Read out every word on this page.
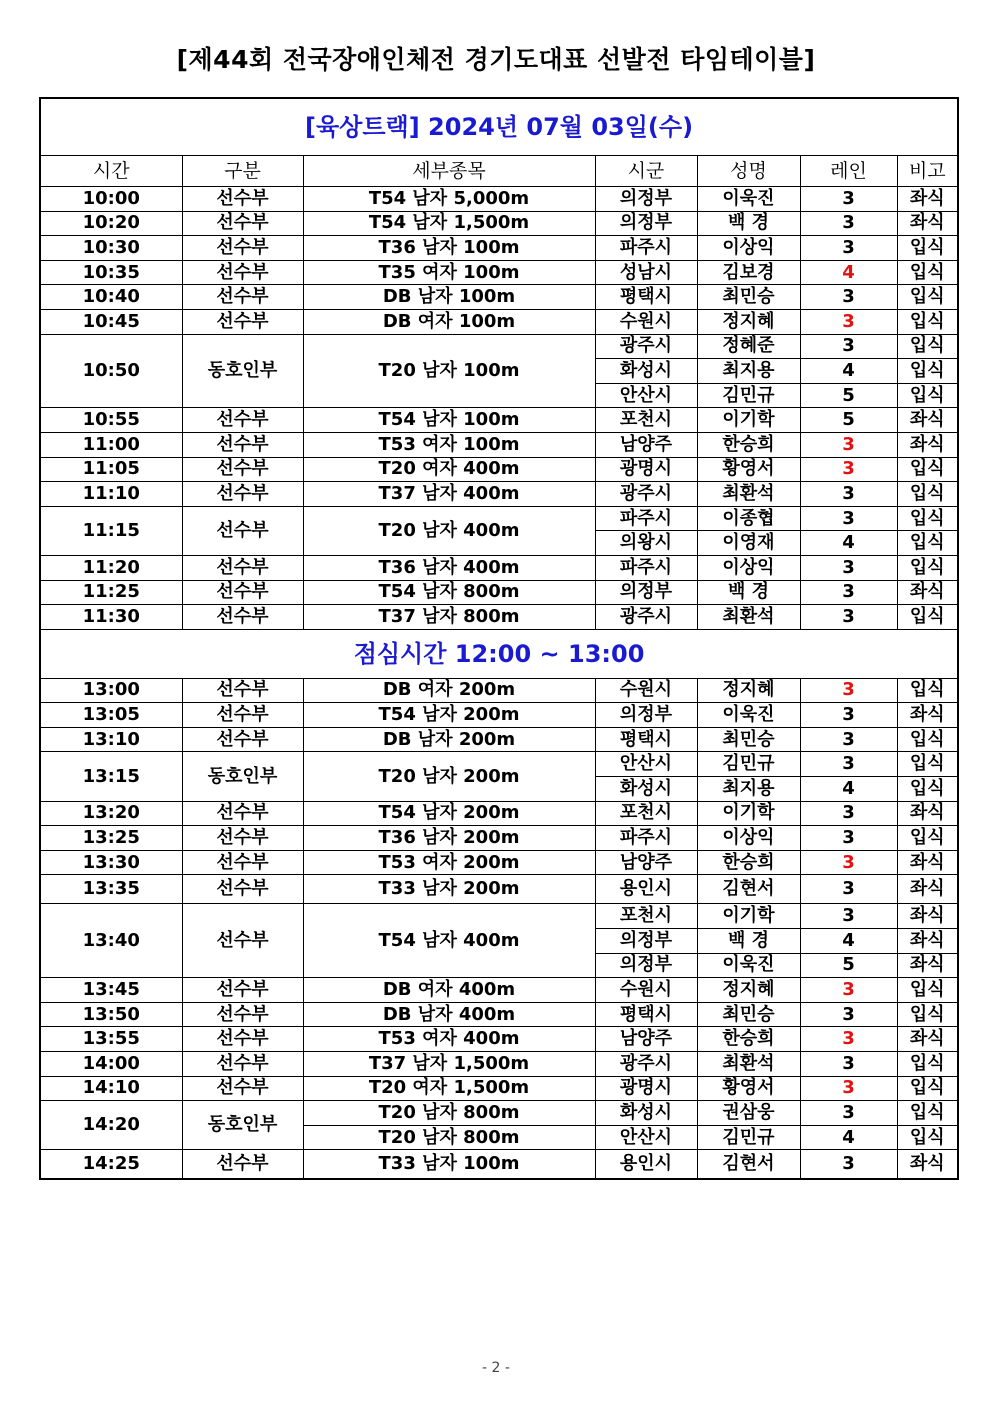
[제44회 전국장애인체전 경기도대표 선발전 타임테이블]
[육상트랙] 2024년 07월 03일(수)						
시간	구분	세부종목	시군	성명	레인	비고
10:00	선수부	T54 남자 5,000m	의정부	이욱진	3	좌식
10:20	선수부	T54 남자 1,500m	의정부	백 경	3	좌식
10:30	선수부	T36 남자 100m	파주시	이상익	3	입식
10:35	선수부	T35 여자 100m	성남시	김보경	4	입식
10:40	선수부	DB 남자 100m	평택시	최민승	3	입식
10:45	선수부	DB 여자 100m	수원시	정지혜	3	입식
10:50	동호인부	T20 남자 100m	광주시	정혜준	3	입식
			화성시	최지용	4	입식
			안산시	김민규	5	입식
10:55	선수부	T54 남자 100m	포천시	이기학	5	좌식
11:00	선수부	T53 여자 100m	남양주	한승희	3	좌식
11:05	선수부	T20 여자 400m	광명시	황영서	3	입식
11:10	선수부	T37 남자 400m	광주시	최환석	3	입식
11:15	선수부	T20 남자 400m	파주시	이종협	3	입식
			의왕시	이영재	4	입식
11:20	선수부	T36 남자 400m	파주시	이상익	3	입식
11:25	선수부	T54 남자 800m	의정부	백 경	3	좌식
11:30	선수부	T37 남자 800m	광주시	최환석	3	입식
점심시간 12:00 ~ 13:00						
13:00	선수부	DB 여자 200m	수원시	정지혜	3	입식
13:05	선수부	T54 남자 200m	의정부	이욱진	3	좌식
13:10	선수부	DB 남자 200m	평택시	최민승	3	입식
13:15	동호인부	T20 남자 200m	안산시	김민규	3	입식
			화성시	최지용	4	입식
13:20	선수부	T54 남자 200m	포천시	이기학	3	좌식
13:25	선수부	T36 남자 200m	파주시	이상익	3	입식
13:30	선수부	T53 여자 200m	남양주	한승희	3	좌식
13:35	선수부	T33 남자 200m	용인시	김현서	3	좌식
13:40	선수부	T54 남자 400m	포천시	이기학	3	좌식
			의정부	백 경	4	좌식
			의정부	이욱진	5	좌식
13:45	선수부	DB 여자 400m	수원시	정지혜	3	입식
13:50	선수부	DB 남자 400m	평택시	최민승	3	입식
13:55	선수부	T53 여자 400m	남양주	한승희	3	좌식
14:00	선수부	T37 남자 1,500m	광주시	최환석	3	입식
14:10	선수부	T20 여자 1,500m	광명시	황영서	3	입식
14:20	동호인부	T20 남자 800m	화성시	권삼웅	3	입식
		T20 남자 800m	안산시	김민규	4	입식
14:25	선수부	T33 남자 100m	용인시	김현서	3	좌식
- 2 -
